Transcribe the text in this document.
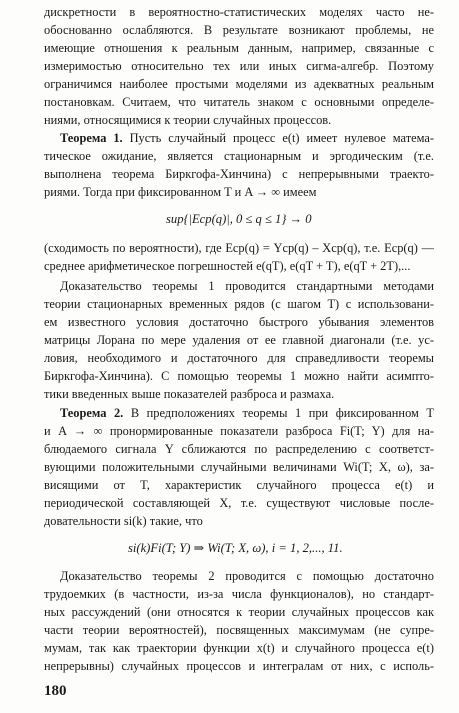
дискретности в вероятностно-статистических моделях часто не-
обоснованно ослабляются. В результате возникают проблемы, не
имеющие отношения к реальным данным, например, связанные с
измеримостью относительно тех или иных сигма-алгебр. Поэтому
ограничимся наиболее простыми моделями из адекватных реальным
постановкам. Считаем, что читатель знаком с основными определе-
ниями, относящимися к теории случайных процессов.
Теорема 1. Пусть случайный процесс e(t) имеет нулевое матема-
тическое ожидание, является стационарным и эргодическим (т.е.
выполнена теорема Биркгофа-Хинчина) с непрерывными траекто-
риями. Тогда при фиксированном T и A → ∞ имеем
sup{|Eср(q)|, 0 ≤ q ≤ 1} → 0
(сходимость по вероятности), где Eср(q) = Yср(q) – Xср(q), т.е. Eср(q) —
среднее арифметическое погрешностей e(qT), e(qT + T), e(qT + 2T),...
Доказательство теоремы 1 проводится стандартными методами
теории стационарных временных рядов (с шагом T) с использовани-
ем известного условия достаточно быстрого убывания элементов
матрицы Лорана по мере удаления от ее главной диагонали (т.е. ус-
ловия, необходимого и достаточного для справедливости теоремы
Биркгофа-Хинчина). С помощью теоремы 1 можно найти асимпто-
тики введенных выше показателей разброса и размаха.
Теорема 2. В предположениях теоремы 1 при фиксированном T
и A → ∞ пронормированные показатели разброса Fi(T; Y) для на-
блюдаемого сигнала Y сближаются по распределению с соответст-
вующими положительными случайными величинами Wi(T; X, ω), за-
висящими от T, характеристик случайного процесса e(t) и
периодической составляющей X, т.е. существуют числовые после-
довательности si(k) такие, что
si(k)Fi(T; Y) ⇒ Wi(T; X, ω), i = 1, 2,..., 11.
Доказательство теоремы 2 проводится с помощью достаточно
трудоемких (в частности, из-за числа функционалов), но стандарт-
ных рассуждений (они относятся к теории случайных процессов как
части теории вероятностей), посвященных максимумам (не супре-
мумам, так как траектории функции x(t) и случайного процесса e(t)
непрерывны) случайных процессов и интегралам от них, с исполь-
180
